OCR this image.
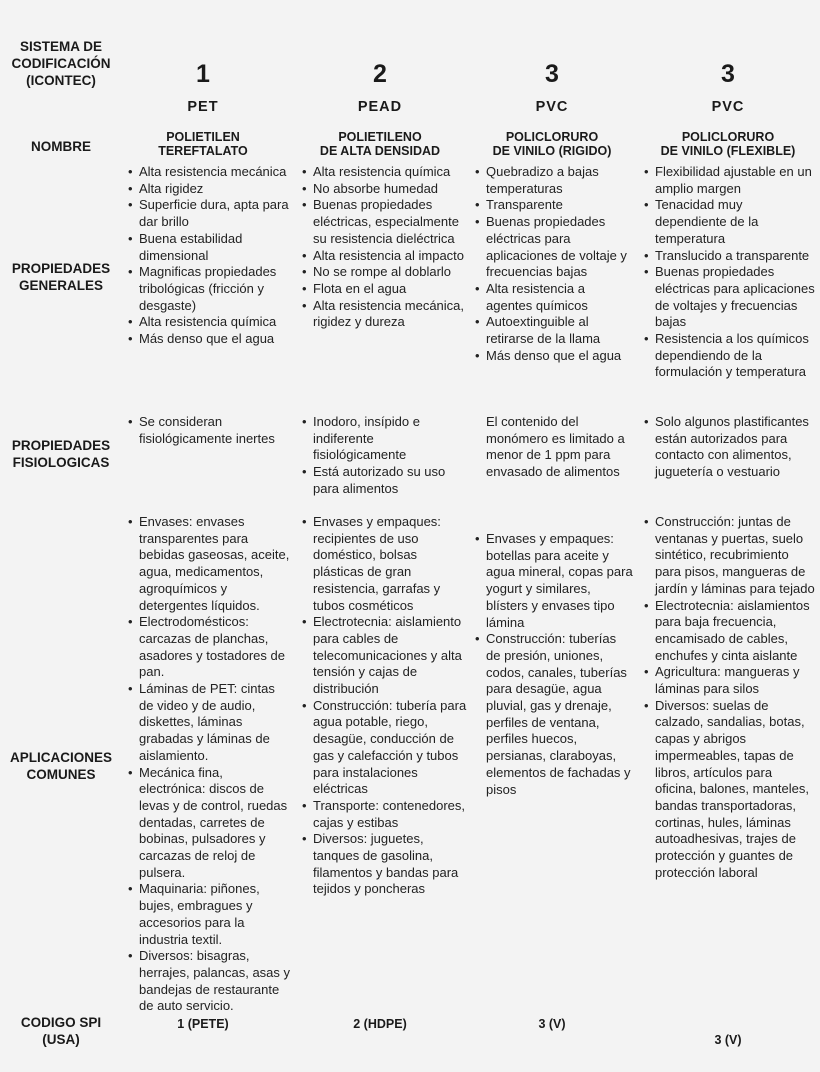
SISTEMA DE
CODIFICACIÓN
(ICONTEC)
NOMBRE
PROPIEDADES
GENERALES
PROPIEDADES
FISIOLOGICAS
APLICACIONES
COMUNES
CODIGO SPI
(USA)
1
PET
POLIETILEN
TEREFTALATO
• Alta resistencia mecánica
• Alta rigidez
• Superficie dura, apta para dar brillo
• Buena estabilidad dimensional
• Magnificas propiedades tribológicas (fricción y desgaste)
• Alta resistencia química
• Más denso que el agua
• Se consideran fisiológicamente inertes
• Envases: envases transparentes para bebidas gaseosas, aceite, agua, medicamentos, agroquímicos y detergentes líquidos.
• Electrodomésticos: carcazas de planchas, asadores y tostadores de pan.
• Láminas de PET: cintas de video y de audio, diskettes, láminas grabadas y láminas de aislamiento.
• Mecánica fina, electrónica: discos de levas y de control, ruedas dentadas, carretes de bobinas, pulsadores y carcazas de reloj de pulsera.
• Maquinaria: piñones, bujes, embragues y accesorios para la industria textil.
• Diversos: bisagras, herrajes, palancas, asas y bandejas de restaurante de auto servicio.
1 (PETE)
2
PEAD
POLIETILENO
DE ALTA DENSIDAD
• Alta resistencia química
• No absorbe humedad
• Buenas propiedades eléctricas, especialmente su resistencia dieléctrica
• Alta resistencia al impacto
• No se rompe al doblarlo
• Flota en el agua
• Alta resistencia mecánica, rigidez y dureza
• Inodoro, insípido e indiferente fisiológicamente
• Está autorizado su uso para alimentos
• Envases y empaques: recipientes de uso doméstico, bolsas plásticas de gran resistencia, garrafas y tubos cosméticos
• Electrotecnia: aislamiento para cables de telecomunicaciones y alta tensión y cajas de distribución
• Construcción: tubería para agua potable, riego, desagüe, conducción de gas y calefacción y tubos para instalaciones eléctricas
• Transporte: contenedores, cajas y estibas
• Diversos: juguetes, tanques de gasolina, filamentos y bandas para tejidos y poncheras
2 (HDPE)
3
PVC
POLICLORURO
DE VINILO (RIGIDO)
• Quebradizo a bajas temperaturas
• Transparente
• Buenas propiedades eléctricas para aplicaciones de voltaje y frecuencias bajas
• Alta resistencia a agentes químicos
• Autoextinguible al retirarse de la llama
• Más denso que el agua

El contenido del monómero es limitado a menor de 1 ppm para envasado de alimentos

• Envases y empaques: botellas para aceite y agua mineral, copas para yogurt y similares, blísters y envases tipo lámina
• Construcción: tuberías de presión, uniones, codos, canales, tuberías para desagüe, agua pluvial, gas y drenaje, perfiles de ventana, perfiles huecos, persianas, claraboyas, elementos de fachadas y pisos
3 (V)
3
PVC
POLICLORURO
DE VINILO (FLEXIBLE)
• Flexibilidad ajustable en un amplio margen
• Tenacidad muy dependiente de la temperatura
• Translucido a transparente
• Buenas propiedades eléctricas para aplicaciones de voltajes y frecuencias bajas
• Resistencia a los químicos dependiendo de la formulación y temperatura
• Solo algunos plastificantes están autorizados para contacto con alimentos, juguetería o vestuario
• Construcción: juntas de ventanas y puertas, suelo sintético, recubrimiento para pisos, mangueras de jardín y láminas para tejado
• Electrotecnia: aislamientos para baja frecuencia, encamisado de cables, enchufes y cinta aislante
• Agricultura: mangueras y láminas para silos
• Diversos: suelas de calzado, sandalias, botas, capas y abrigos impermeables, tapas de libros, artículos para oficina, balones, manteles, bandas transportadoras, cortinas, hules, láminas autoadhesivas, trajes de protección y guantes de protección laboral
3 (V)
